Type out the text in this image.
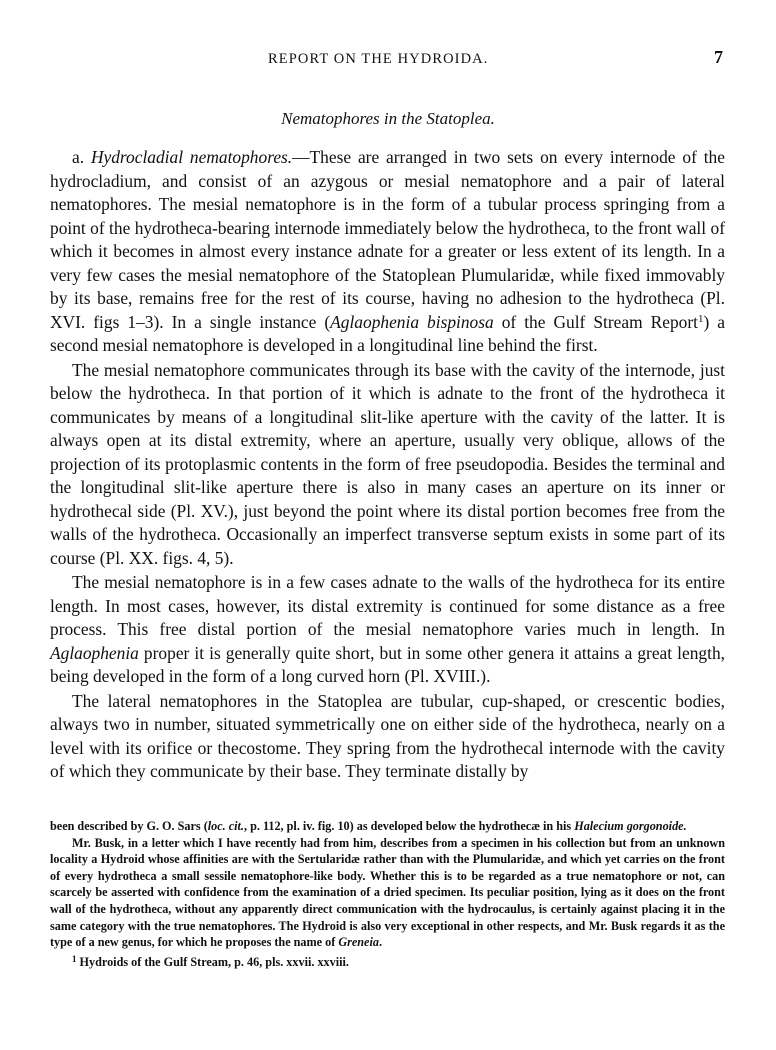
REPORT ON THE HYDROIDA.	7
Nematophores in the Statoplea.

a. Hydrocladial nematophores.—These are arranged in two sets on every internode of the hydrocladium, and consist of an azygous or mesial nematophore and a pair of lateral nematophores. The mesial nematophore is in the form of a tubular process springing from a point of the hydrotheca-bearing internode immediately below the hydrotheca, to the front wall of which it becomes in almost every instance adnate for a greater or less extent of its length. In a very few cases the mesial nematophore of the Statoplean Plumularidæ, while fixed immovably by its base, remains free for the rest of its course, having no adhesion to the hydrotheca (Pl. XVI. figs 1–3). In a single instance (Aglaophenia bispinosa of the Gulf Stream Report$^1$) a second mesial nematophore is developed in a longitudinal line behind the first.

The mesial nematophore communicates through its base with the cavity of the internode, just below the hydrotheca. In that portion of it which is adnate to the front of the hydrotheca it communicates by means of a longitudinal slit-like aperture with the cavity of the latter. It is always open at its distal extremity, where an aperture, usually very oblique, allows of the projection of its protoplasmic contents in the form of free pseudopodia. Besides the terminal and the longitudinal slit-like aperture there is also in many cases an aperture on its inner or hydrothecal side (Pl. XV.), just beyond the point where its distal portion becomes free from the walls of the hydrotheca. Occasionally an imperfect transverse septum exists in some part of its course (Pl. XX. figs. 4, 5).

The mesial nematophore is in a few cases adnate to the walls of the hydrotheca for its entire length. In most cases, however, its distal extremity is continued for some distance as a free process. This free distal portion of the mesial nematophore varies much in length. In Aglaophenia proper it is generally quite short, but in some other genera it attains a great length, being developed in the form of a long curved horn (Pl. XVIII.).

The lateral nematophores in the Statoplea are tubular, cup-shaped, or crescentic bodies, always two in number, situated symmetrically one on either side of the hydrotheca, nearly on a level with its orifice or thecostome. They spring from the hydrothecal internode with the cavity of which they communicate by their base. They terminate distally by

been described by G. O. Sars (loc. cit., p. 112, pl. iv. fig. 10) as developed below the hydrothecæ in his Halecium gorgonoide.

Mr. Busk, in a letter which I have recently had from him, describes from a specimen in his collection but from an unknown locality a Hydroid whose affinities are with the Sertularidæ rather than with the Plumularidæ, and which yet carries on the front of every hydrotheca a small sessile nematophore-like body. Whether this is to be regarded as a true nematophore or not, can scarcely be asserted with confidence from the examination of a dried specimen. Its peculiar position, lying as it does on the front wall of the hydrotheca, without any apparently direct communication with the hydrocaulus, is certainly against placing it in the same category with the true nematophores. The Hydroid is also very exceptional in other respects, and Mr. Busk regards it as the type of a new genus, for which he proposes the name of Greneia.

$^1$ Hydroids of the Gulf Stream, p. 46, pls. xxvii. xxviii.
